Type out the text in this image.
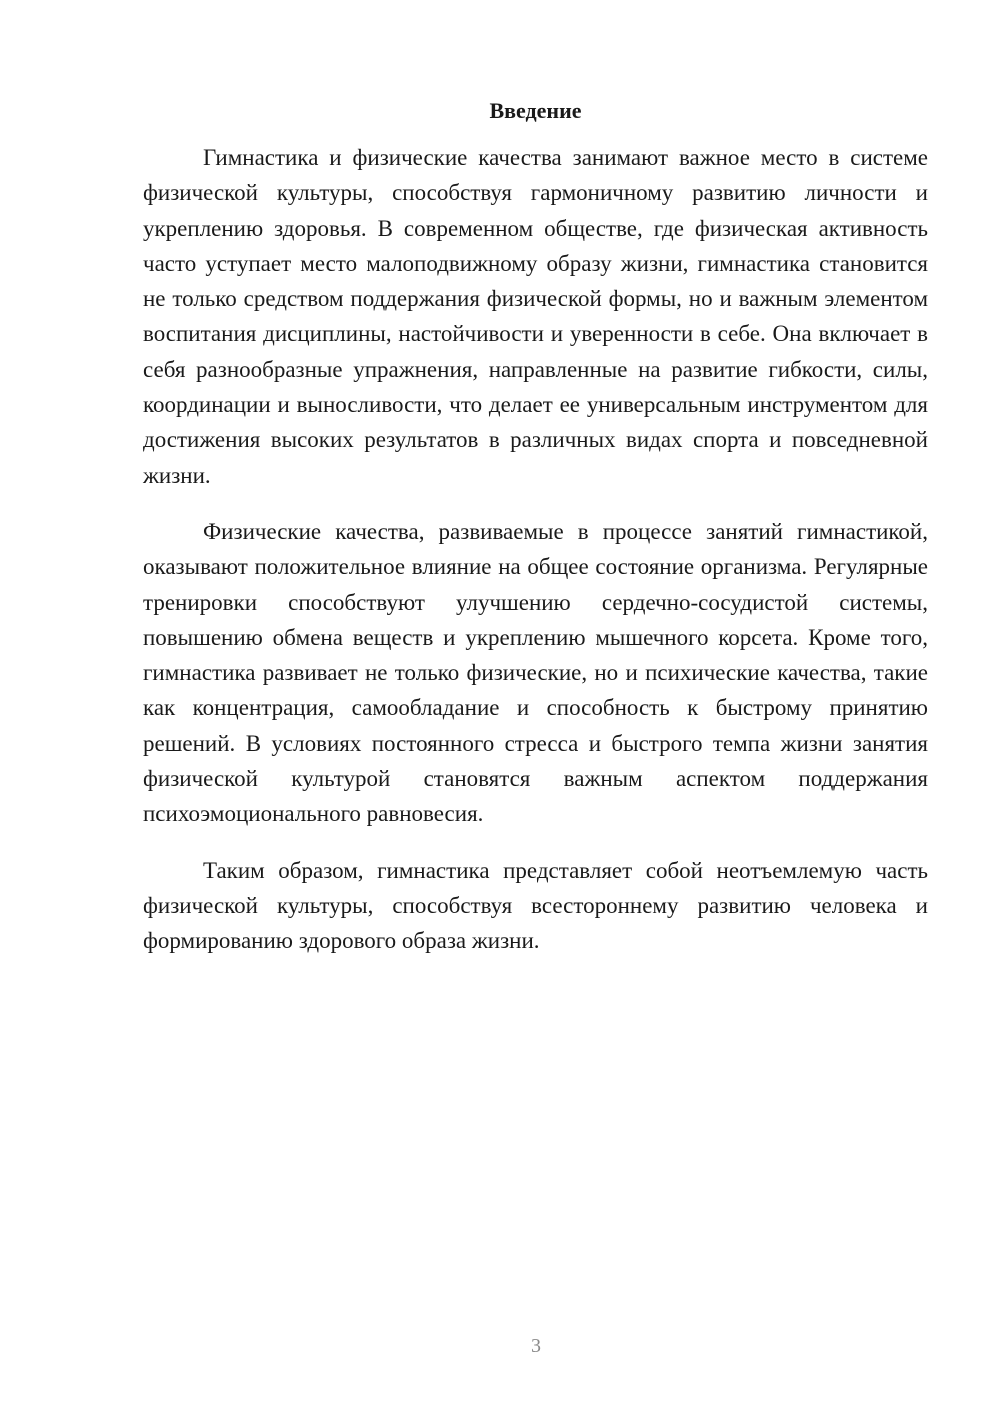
Введение

Гимнастика и физические качества занимают важное место в системе физической культуры, способствуя гармоничному развитию личности и укреплению здоровья. В современном обществе, где физическая активность часто уступает место малоподвижному образу жизни, гимнастика становится не только средством поддержания физической формы, но и важным элементом воспитания дисциплины, настойчивости и уверенности в себе. Она включает в себя разнообразные упражнения, направленные на развитие гибкости, силы, координации и выносливости, что делает ее универсальным инструментом для достижения высоких результатов в различных видах спорта и повседневной жизни.

Физические качества, развиваемые в процессе занятий гимнастикой, оказывают положительное влияние на общее состояние организма. Регулярные тренировки способствуют улучшению сердечно-сосудистой системы, повышению обмена веществ и укреплению мышечного корсета. Кроме того, гимнастика развивает не только физические, но и психические качества, такие как концентрация, самообладание и способность к быстрому принятию решений. В условиях постоянного стресса и быстрого темпа жизни занятия физической культурой становятся важным аспектом поддержания психоэмоционального равновесия.

Таким образом, гимнастика представляет собой неотъемлемую часть физической культуры, способствуя всестороннему развитию человека и формированию здорового образа жизни.

3
